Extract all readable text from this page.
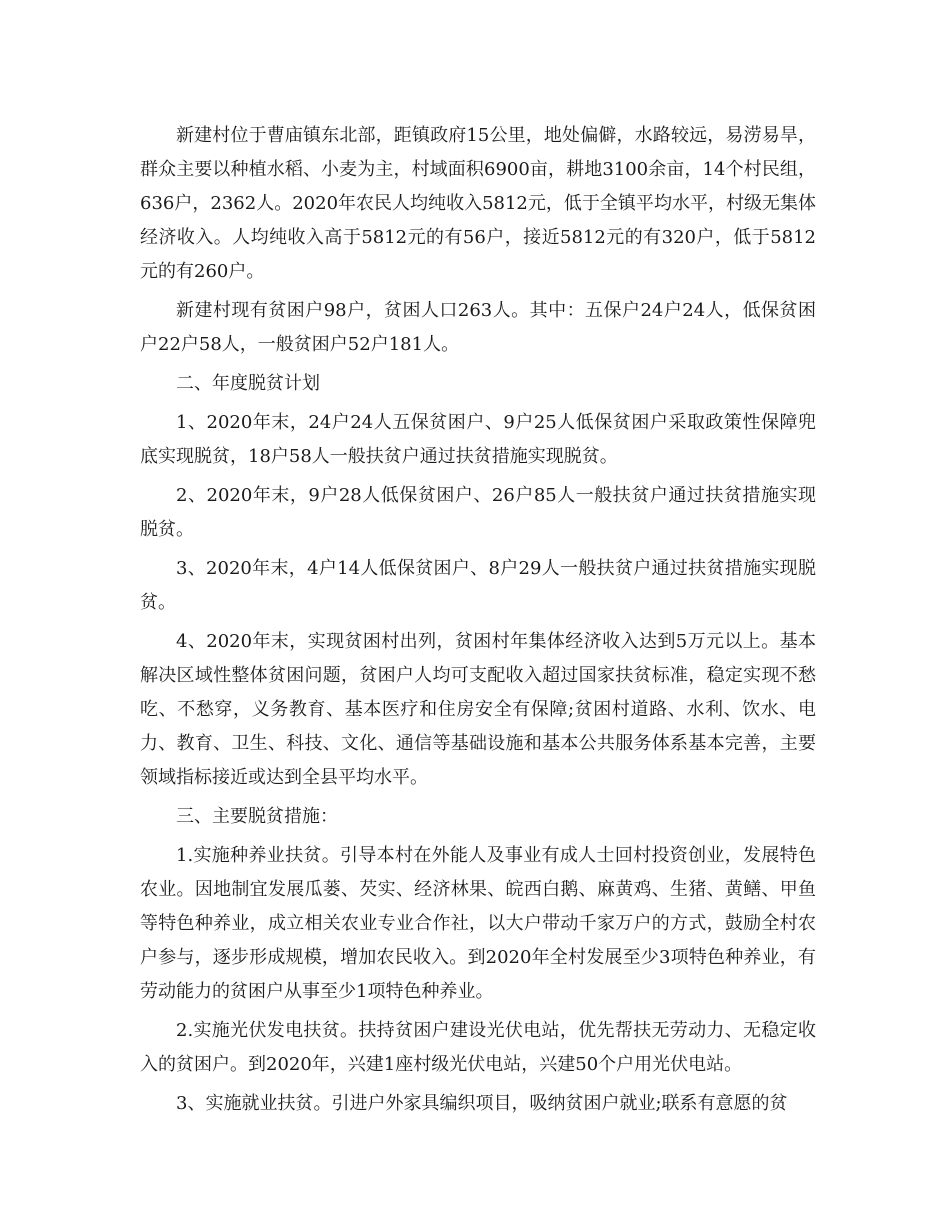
新建村位于曹庙镇东北部，距镇政府15公里，地处偏僻，水路较远，易涝易旱，群众主要以种植水稻、小麦为主，村域面积6900亩，耕地3100余亩，14个村民组，636户，2362人。2020年农民人均纯收入5812元，低于全镇平均水平，村级无集体经济收入。人均纯收入高于5812元的有56户，接近5812元的有320户，低于5812元的有260户。

新建村现有贫困户98户，贫困人口263人。其中：五保户24户24人，低保贫困户22户58人，一般贫困户52户181人。

二、年度脱贫计划

1、2020年末，24户24人五保贫困户、9户25人低保贫困户采取政策性保障兜底实现脱贫，18户58人一般扶贫户通过扶贫措施实现脱贫。

2、2020年末，9户28人低保贫困户、26户85人一般扶贫户通过扶贫措施实现脱贫。

3、2020年末，4户14人低保贫困户、8户29人一般扶贫户通过扶贫措施实现脱贫。

4、2020年末，实现贫困村出列，贫困村年集体经济收入达到5万元以上。基本解决区域性整体贫困问题，贫困户人均可支配收入超过国家扶贫标准，稳定实现不愁吃、不愁穿，义务教育、基本医疗和住房安全有保障;贫困村道路、水利、饮水、电力、教育、卫生、科技、文化、通信等基础设施和基本公共服务体系基本完善，主要领域指标接近或达到全县平均水平。

三、主要脱贫措施：

1.实施种养业扶贫。引导本村在外能人及事业有成人士回村投资创业，发展特色农业。因地制宜发展瓜蒌、芡实、经济林果、皖西白鹅、麻黄鸡、生猪、黄鳝、甲鱼等特色种养业，成立相关农业专业合作社，以大户带动千家万户的方式，鼓励全村农户参与，逐步形成规模，增加农民收入。到2020年全村发展至少3项特色种养业，有劳动能力的贫困户从事至少1项特色种养业。

2.实施光伏发电扶贫。扶持贫困户建设光伏电站，优先帮扶无劳动力、无稳定收入的贫困户。到2020年，兴建1座村级光伏电站，兴建50个户用光伏电站。

3、实施就业扶贫。引进户外家具编织项目，吸纳贫困户就业;联系有意愿的贫
